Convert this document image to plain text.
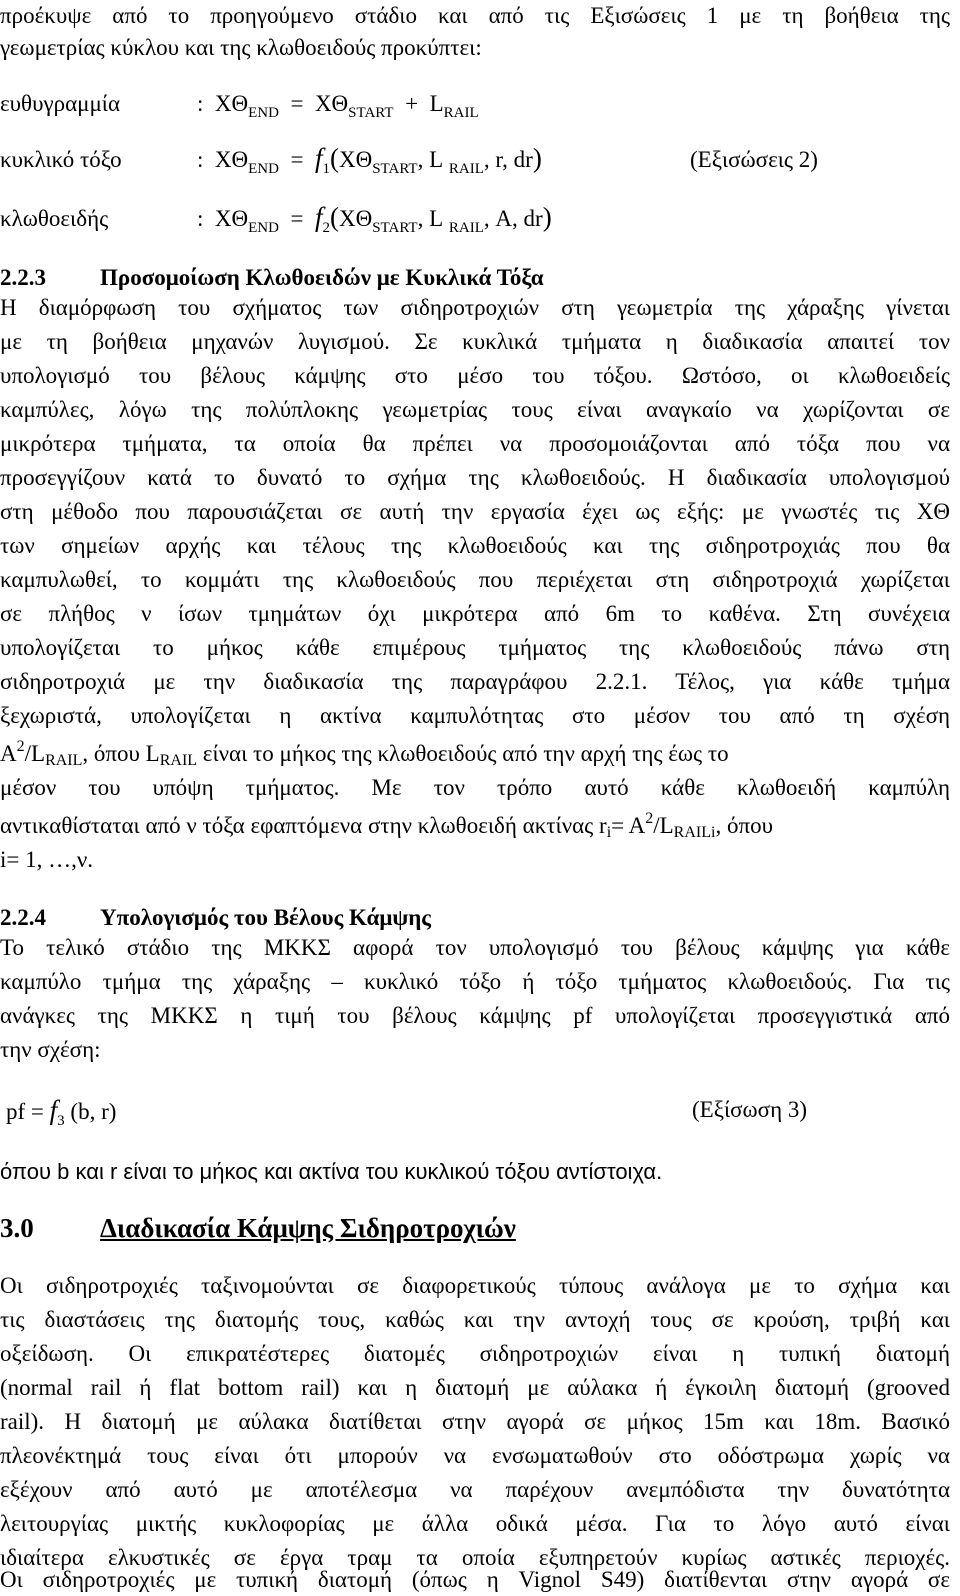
προέκυψε από το προηγούμενο στάδιο και από τις Εξισώσεις 1 με τη βοήθεια της
γεωμετρίας κύκλου και της κλωθοειδούς προκύπτει:
ευθυγραμμία	: $X\Theta_{END} = X\Theta_{START} + L_{RAIL}$
κυκλικό τόξο	: $X\Theta_{END} = f_1(X\Theta_{START}$, L $_{RAIL}$, r, dr)	(Εξισώσεις 2)
κλωθοειδής	: $X\Theta_{END} = f_2(X\Theta_{START}$, L $_{RAIL}$, A, dr)
2.2.3 Προσομοίωση Κλωθοειδών με Κυκλικά Τόξα
Η διαμόρφωση του σχήματος των σιδηροτροχιών στη γεωμετρία της χάραξης γίνεται
με τη βοήθεια μηχανών λυγισμού. Σε κυκλικά τμήματα η διαδικασία απαιτεί τον
υπολογισμό του βέλους κάμψης στο μέσο του τόξου. Ωστόσο, οι κλωθοειδείς
καμπύλες, λόγω της πολύπλοκης γεωμετρίας τους είναι αναγκαίο να χωρίζονται σε
μικρότερα τμήματα, τα οποία θα πρέπει να προσομοιάζονται από τόξα που να
προσεγγίζουν κατά το δυνατό το σχήμα της κλωθοειδούς. Η διαδικασία υπολογισμού
στη μέθοδο που παρουσιάζεται σε αυτή την εργασία έχει ως εξής: με γνωστές τις ΧΘ
των σημείων αρχής και τέλους της κλωθοειδούς και της σιδηροτροχιάς που θα
καμπυλωθεί, το κομμάτι της κλωθοειδούς που περιέχεται στη σιδηροτροχιά χωρίζεται
σε πλήθος ν ίσων τμημάτων όχι μικρότερα από 6m το καθένα. Στη συνέχεια
υπολογίζεται το μήκος κάθε επιμέρους τμήματος της κλωθοειδούς πάνω στη
σιδηροτροχιά με την διαδικασία της παραγράφου 2.2.1. Τέλος, για κάθε τμήμα
ξεχωριστά, υπολογίζεται η ακτίνα καμπυλότητας στο μέσον του από τη σχέση
$A^2$/LRAIL, όπου LRAIL είναι το μήκος της κλωθοειδούς από την αρχή της έως το
μέσον του υπόψη τμήματος. Με τον τρόπο αυτό κάθε κλωθοειδή καμπύλη
αντικαθίσταται από ν τόξα εφαπτόμενα στην κλωθοειδή ακτίνας $ri= A^2$/LRAILi, όπου
i= 1, …,ν.
2.2.4 Υπολογισμός του Βέλους Κάμψης
Το τελικό στάδιο της ΜΚΚΣ αφορά τον υπολογισμό του βέλους κάμψης για κάθε
καμπύλο τμήμα της χάραξης – κυκλικό τόξο ή τόξο τμήματος κλωθοειδούς. Για τις
ανάγκες της ΜΚΚΣ η τιμή του βέλους κάμψης pf υπολογίζεται προσεγγιστικά από
την σχέση:
pf = $f_3$ (b, r)	(Εξίσωση 3)
όπου b και r είναι το μήκος και ακτίνα του κυκλικού τόξου αντίστοιχα.
3.0 Διαδικασία Κάμψης Σιδηροτροχιών
Οι σιδηροτροχιές ταξινομούνται σε διαφορετικούς τύπους ανάλογα με το σχήμα και
τις διαστάσεις της διατομής τους, καθώς και την αντοχή τους σε κρούση, τριβή και
οξείδωση. Οι επικρατέστερες διατομές σιδηροτροχιών είναι η τυπική διατομή
(normal rail ή flat bottom rail) και η διατομή με αύλακα ή έγκοιλη διατομή (grooved
rail). Η διατομή με αύλακα διατίθεται στην αγορά σε μήκος 15m και 18m. Βασικό
πλεονέκτημά τους είναι ότι μπορούν να ενσωματωθούν στο οδόστρωμα χωρίς να
εξέχουν από αυτό με αποτέλεσμα να παρέχουν ανεμπόδιστα την δυνατότητα
λειτουργίας μικτής κυκλοφορίας με άλλα οδικά μέσα. Για το λόγο αυτό είναι
ιδιαίτερα ελκυστικές σε έργα τραμ τα οποία εξυπηρετούν κυρίως αστικές περιοχές.
Οι σιδηροτροχιές με τυπική διατομή (όπως η Vignol S49) διατίθενται στην αγορά σε
